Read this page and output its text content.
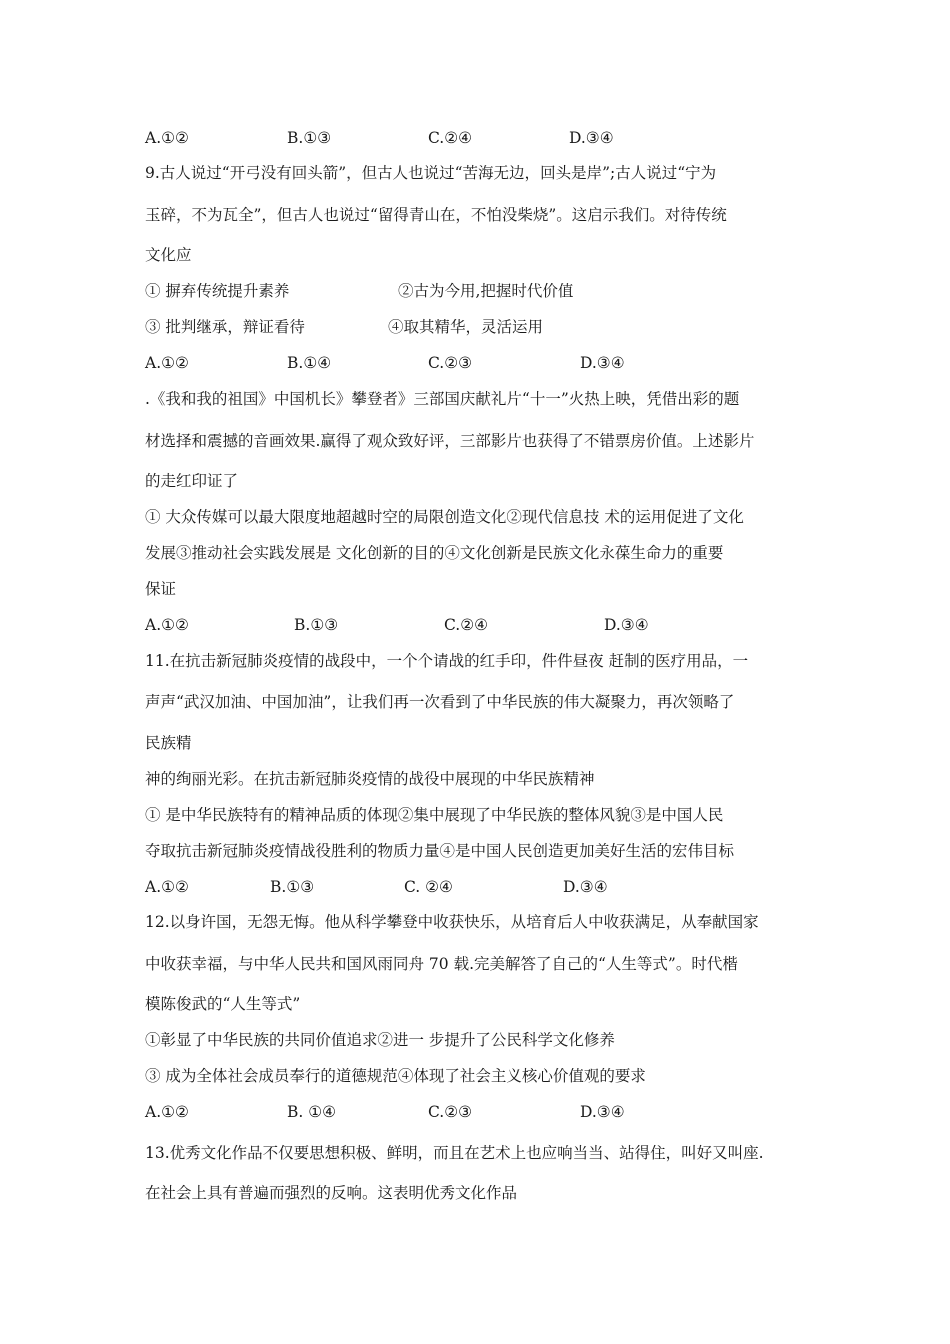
A.①②	B.①③	C.②④	D.③④
9.古人说过“开弓没有回头箭”，但古人也说过“苦海无边，回头是岸”;古人说过“宁为
玉碎，不为瓦全”，但古人也说过“留得青山在，不怕没柴烧”。这启示我们。对待传统
文化应
① 摒弃传统提升素养	②古为今用,把握时代价值
③ 批判继承，辩证看待	④取其精华，灵活运用
A.①②	B.①④	C.②③	D.③④
.《我和我的祖国》中国机长》攀登者》三部国庆献礼片“十一”火热上映，凭借出彩的题
材选择和震撼的音画效果.赢得了观众致好评，三部影片也获得了不错票房价值。上述影片
的走红印证了
① 大众传媒可以最大限度地超越时空的局限创造文化②现代信息技 术的运用促进了文化
发展③推动社会实践发展是 文化创新的目的④文化创新是民族文化永葆生命力的重要
保证
A.①②	B.①③	C.②④	D.③④
11.在抗击新冠肺炎疫情的战段中，一个个请战的红手印，件件昼夜 赶制的医疗用品，一
声声“武汉加油、中国加油”，让我们再一次看到了中华民族的伟大凝聚力，再次领略了
民族精
神的绚丽光彩。在抗击新冠肺炎疫情的战役中展现的中华民族精神
① 是中华民族特有的精神品质的体现②集中展现了中华民族的整体风貌③是中国人民
夺取抗击新冠肺炎疫情战役胜利的物质力量④是中国人民创造更加美好生活的宏伟目标
A.①②	B.①③	C. ②④	D.③④
12.以身许国，无怨无悔。他从科学攀登中收获快乐，从培育后人中收获满足，从奉献国家
中收获幸福，与中华人民共和国风雨同舟 70 载.完美解答了自己的“人生等式”。时代楷
模陈俊武的“人生等式”
①彰显了中华民族的共同价值追求②进一 步提升了公民科学文化修养
③ 成为全体社会成员奉行的道德规范④体现了社会主义核心价值观的要求
A.①②	B. ①④	C.②③	D.③④
13.优秀文化作品不仅要思想积极、鲜明，而且在艺术上也应响当当、站得住，叫好又叫座.
在社会上具有普遍而强烈的反响。这表明优秀文化作品
